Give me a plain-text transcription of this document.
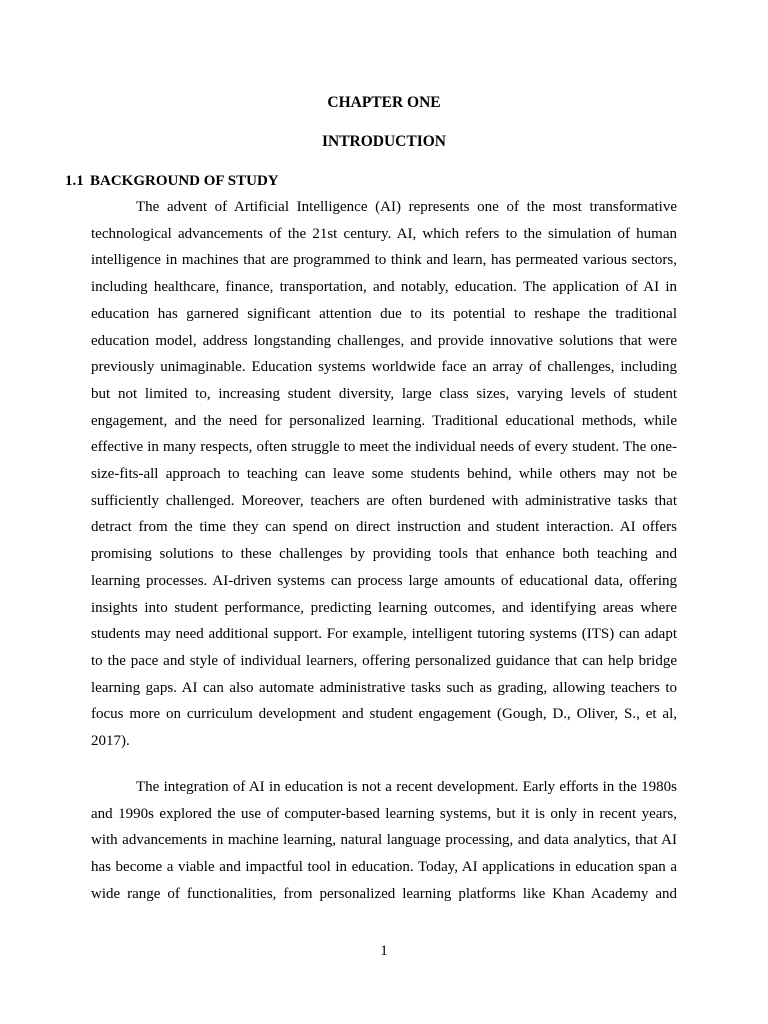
CHAPTER ONE
INTRODUCTION
1.1 BACKGROUND OF STUDY
The advent of Artificial Intelligence (AI) represents one of the most transformative
technological advancements of the 21st century. AI, which refers to the simulation of human
intelligence in machines that are programmed to think and learn, has permeated various sectors,
including healthcare, finance, transportation, and notably, education. The application of AI in
education has garnered significant attention due to its potential to reshape the traditional
education model, address longstanding challenges, and provide innovative solutions that were
previously unimaginable. Education systems worldwide face an array of challenges, including
but not limited to, increasing student diversity, large class sizes, varying levels of student
engagement, and the need for personalized learning. Traditional educational methods, while
effective in many respects, often struggle to meet the individual needs of every student. The one-
size-fits-all approach to teaching can leave some students behind, while others may not be
sufficiently challenged. Moreover, teachers are often burdened with administrative tasks that
detract from the time they can spend on direct instruction and student interaction. AI offers
promising solutions to these challenges by providing tools that enhance both teaching and
learning processes. AI-driven systems can process large amounts of educational data, offering
insights into student performance, predicting learning outcomes, and identifying areas where
students may need additional support. For example, intelligent tutoring systems (ITS) can adapt
to the pace and style of individual learners, offering personalized guidance that can help bridge
learning gaps. AI can also automate administrative tasks such as grading, allowing teachers to
focus more on curriculum development and student engagement (Gough, D., Oliver, S., et al,
2017).
The integration of AI in education is not a recent development. Early efforts in the 1980s
and 1990s explored the use of computer-based learning systems, but it is only in recent years,
with advancements in machine learning, natural language processing, and data analytics, that AI
has become a viable and impactful tool in education. Today, AI applications in education span a
wide range of functionalities, from personalized learning platforms like Khan Academy and
1
